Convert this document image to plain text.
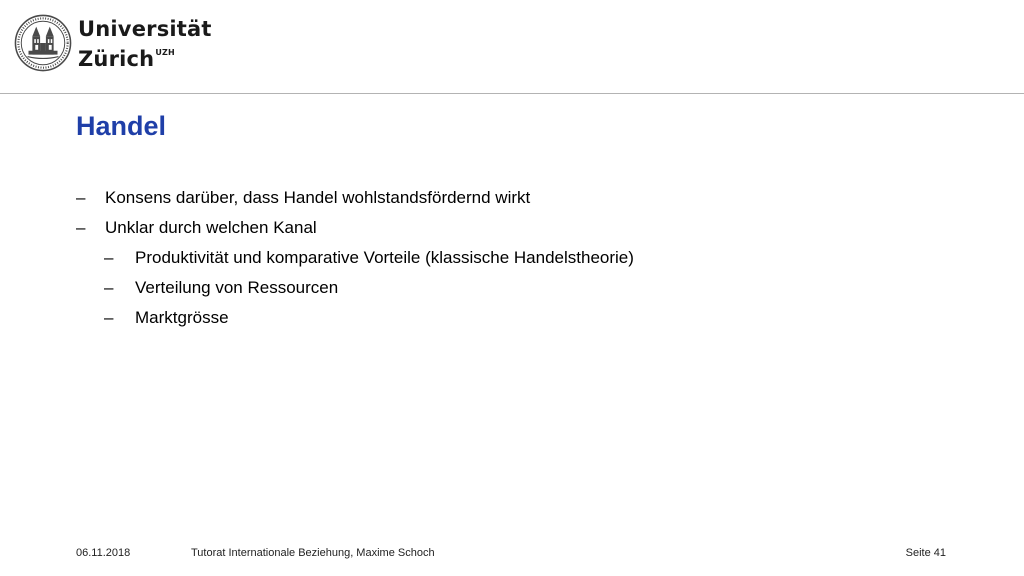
Universität
Zürich$^{UZH}$
Handel
– Konsens darüber, dass Handel wohlstandsfördernd wirkt
– Unklar durch welchen Kanal
– Produktivität und komparative Vorteile (klassische Handelstheorie)
– Verteilung von Ressourcen
– Marktgrösse
06.11.2018	Tutorat Internationale Beziehung, Maxime Schoch	Seite 41
